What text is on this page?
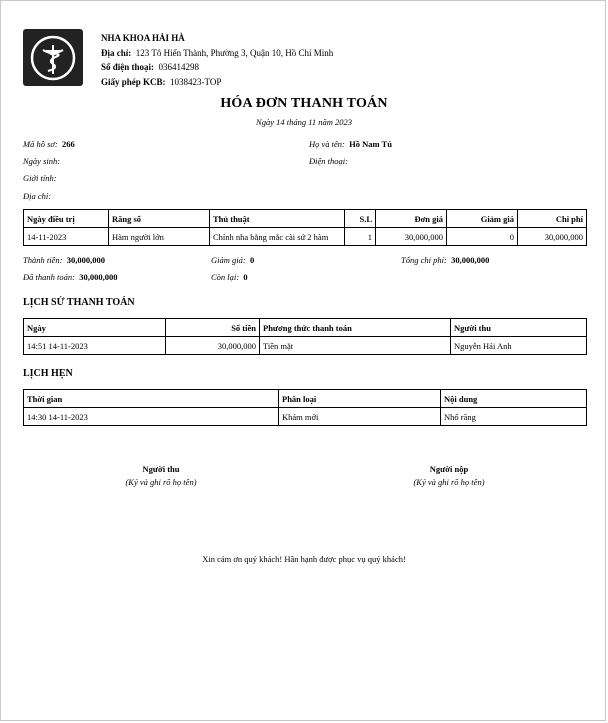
NHA KHOA HẢI HÀ
Địa chỉ: 123 Tô Hiến Thành, Phường 3, Quận 10, Hồ Chí Minh
Số điện thoại: 036414298
Giấy phép KCB: 1038423-TOP
HÓA ĐƠN THANH TOÁN
Ngày 14 tháng 11 năm 2023
Mã hồ sơ: 266	Họ và tên: Hồ Nam Tú
Ngày sinh:	Điện thoại:
Giới tính:
Địa chỉ:
Ngày điều trị	Răng số	Thủ thuật	S.L	Đơn giá	Giảm giá	Chi phí
14-11-2023	Hàm người lớn	Chỉnh nha bằng mắc cài sứ 2 hàm	1	30,000,000	0	30,000,000
Thành tiền: 30,000,000	Giảm giá: 0	Tổng chi phí: 30,000,000
Đã thanh toán: 30,000,000	Còn lại: 0
LỊCH SỬ THANH TOÁN
Ngày	Số tiền	Phương thức thanh toán	Người thu
14:51 14-11-2023	30,000,000	Tiền mặt	Nguyễn Hải Anh
LỊCH HẸN
Thời gian	Phân loại	Nội dung
14:30 14-11-2023	Khám mới	Nhổ răng
Người thu
(Ký và ghi rõ họ tên)
Người nộp
(Ký và ghi rõ họ tên)
Xin cám ơn quý khách! Hân hạnh được phục vụ quý khách!
